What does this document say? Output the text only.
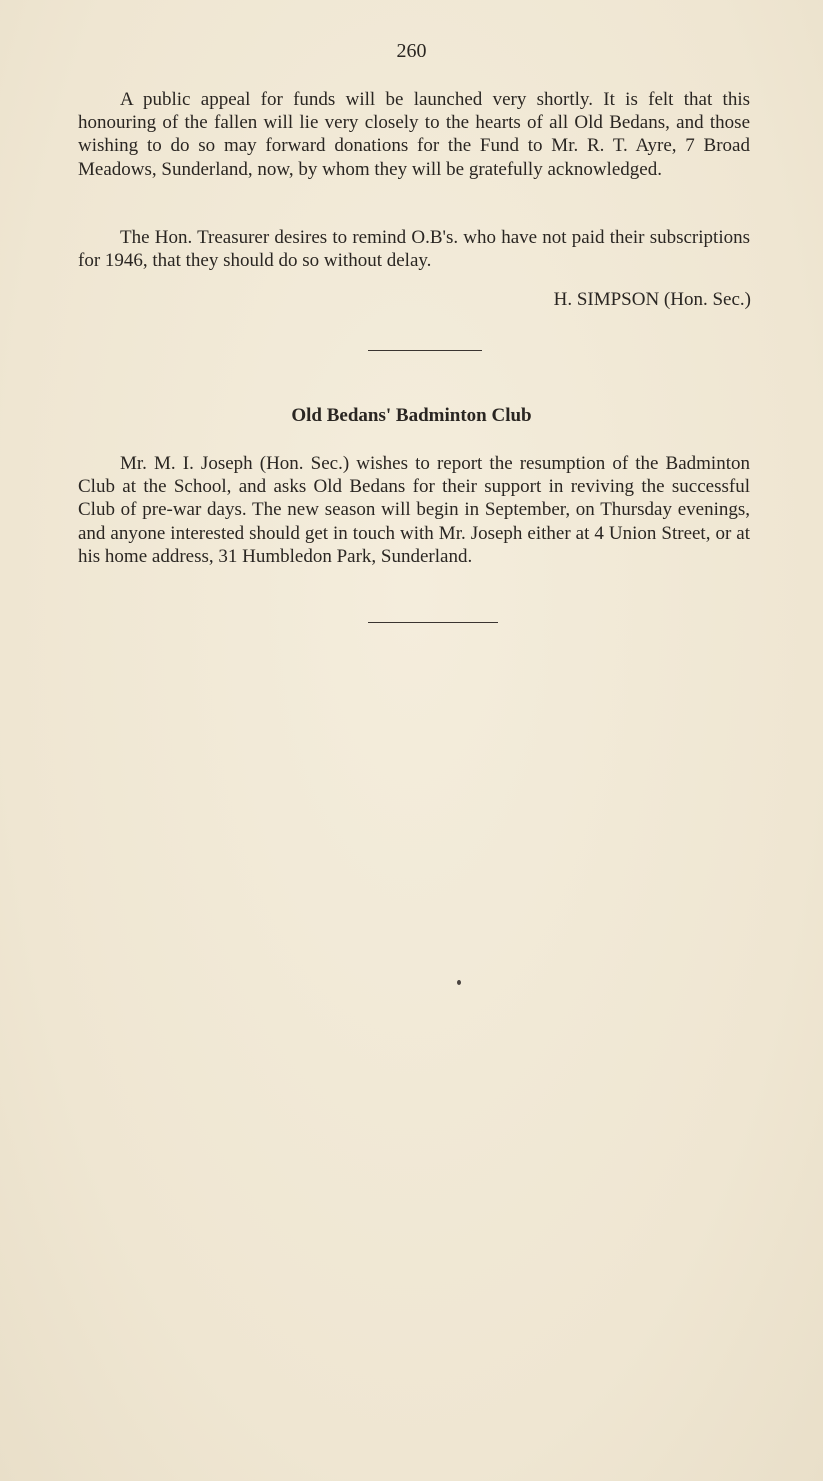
260

A public appeal for funds will be launched very shortly. It is felt that this honouring of the fallen will lie very closely to the hearts of all Old Bedans, and those wishing to do so may forward donations for the Fund to Mr. R. T. Ayre, 7 Broad Meadows, Sunderland, now, by whom they will be gratefully acknowledged.

The Hon. Treasurer desires to remind O.B's. who have not paid their subscriptions for 1946, that they should do so without delay.

H. SIMPSON (Hon. Sec.)
Old Bedans' Badminton Club

Mr. M. I. Joseph (Hon. Sec.) wishes to report the resumption of the Badminton Club at the School, and asks Old Bedans for their support in reviving the successful Club of pre-war days. The new season will begin in September, on Thursday evenings, and anyone interested should get in touch with Mr. Joseph either at 4 Union Street, or at his home address, 31 Humbledon Park, Sunderland.
